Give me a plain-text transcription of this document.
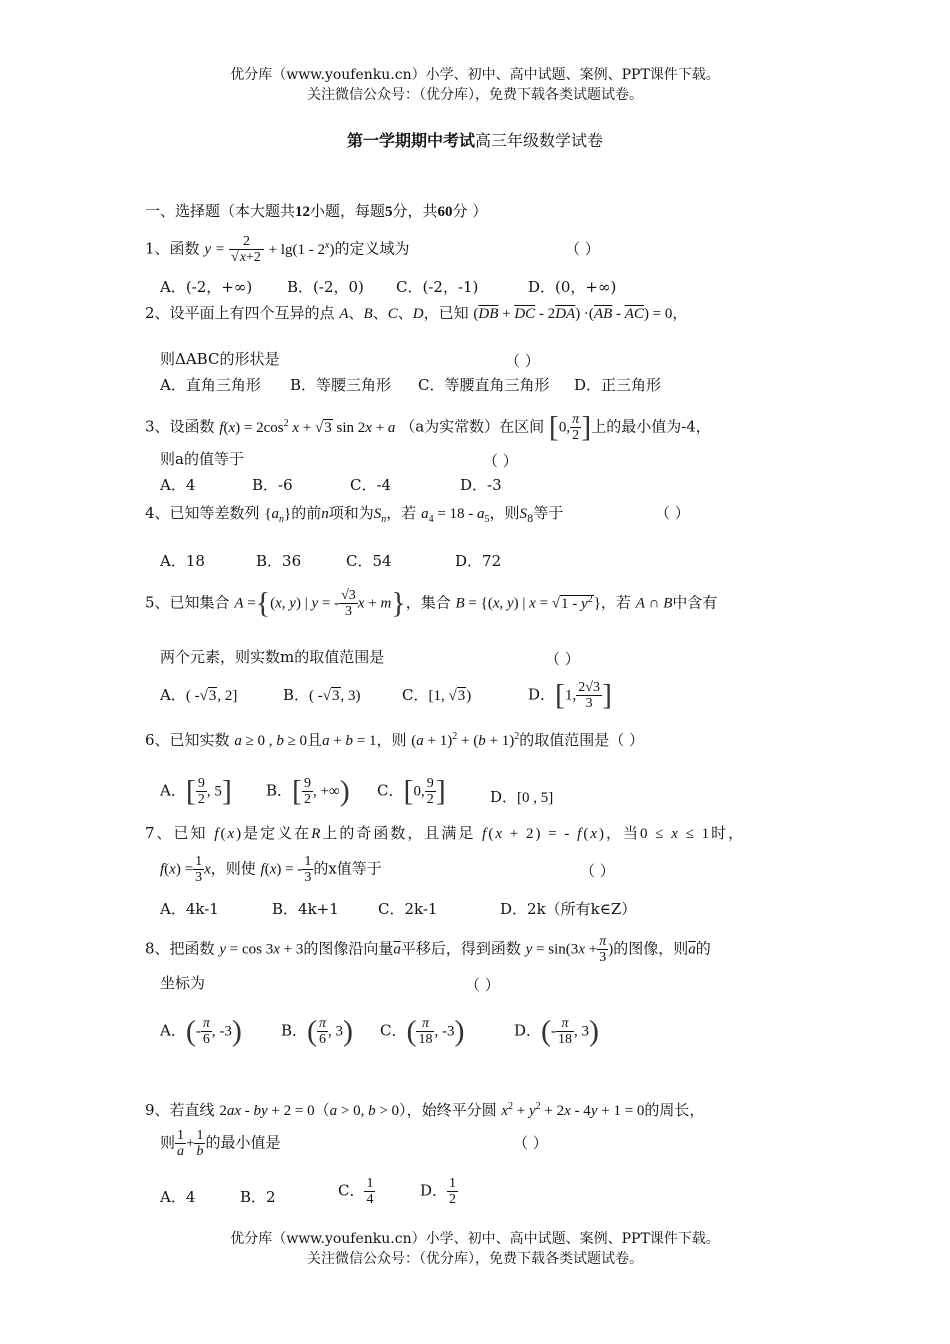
优分库（www.youfenku.cn）小学、初中、高中试题、案例、PPT课件下载。
关注微信公众号：（优分库），免费下载各类试题试卷。
第一学期期中考试高三年级数学试卷
一、选择题（本大题共12小题，每题5分，共60分 ）
1、函数 $y = \frac{2}{√x+2} + \lg(1 - 2^x)$的定义域为	（ ）
A．(-2，+∞) B．(-2，0) C．(-2，-1)	D．(0，+∞)
2、设平面上有四个互异的点 A、B、C、D，已知 $(\overline{DB} + \overline{DC} - 2\overline{DA}) \cdot(\overline{AB} - \overline{AC}) = 0$，
则ΔABC的形状是	（ ）
A．直角三角形 B．等腰三角形 C．等腰直角三角形 D．正三角形
3、设函数 $f(x) = 2\cos^2$ x + √3 sin 2x + a （a为实常数）在区间 [0, $\frac{\pi}{2}$ ]上的最小值为-4，
则a的值等于	（ ）
A．4	B．-6	C．-4	D．-3
4、已知等差数列 $\{a_n\}$的前n项和为$S_n$，若 $a_4 = 18 - a_5$，则$S_8$等于	（ ）
A．18	B．36	C．54	D．72
5、已知集合 A ={(x, y) | y = - $\frac{√3}{3}$ x + m}，集合 B = {(x, y) | $x = √1 - y^2$}，若 A ∩ B中含有
两个元素，则实数m的取值范围是	（ ）
A．( -√3, 2]	B．( -√3, 3)	C．[1, √3)	D．[1, $\frac{2√3}{3}$ ]
6、已知实数 a ≥ 0 , b ≥ 0且a + b = 1，则 $(a + 1)^2 + (b + 1)^2$的取值范围是（ ）
A．[ $\frac{9}{2}$ , 5] B．[ $\frac{9}{2}$ , +∞) C．[0, $\frac{9}{2}$ ]	D．[0 , 5]
7、已知 f(x)是定义在R上的奇函数，且满足 f(x + 2) = - f(x)，当0 ≤ x ≤ 1时，
$f(x) = \frac{1}{3}$ x，则使 f(x) = - $\frac{1}{3}$ 的x值等于	（ ）
A．4k-1	B．4k+1	C．2k-1	D．2k（所有k∈Z）
8、把函数 y = cos 3x + 3的图像沿向量$\overline{a}$平移后，得到函数 $y = \sin(3x + \frac{\pi}{3}$ )的图像，则$\overline{a}$的
坐标为	（ ）
A．(- $\frac{\pi}{6}$ , -3)	B．( $\frac{\pi}{6}$ , 3) C．( $\frac{\pi}{18}$ , -3)	D．(- $\frac{\pi}{18}$ , 3)
9、若直线 2ax - by + 2 = 0（a > 0, b > 0），始终平分圆 $x^2 + y^2 + 2x - 4y + 1 = 0$的周长，
则 $\frac{1}{a} + \frac{1}{b}$ 的最小值是	（ ）
A．4	B．2	C． $\frac{1}{4}$	D． $\frac{1}{2}$
优分库（www.youfenku.cn）小学、初中、高中试题、案例、PPT课件下载。
关注微信公众号：（优分库），免费下载各类试题试卷。
